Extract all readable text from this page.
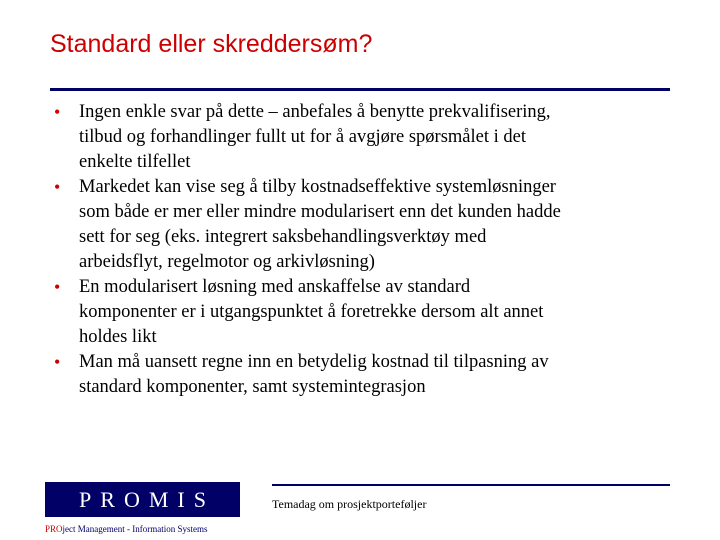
Standard eller skreddersøm?
• Ingen enkle svar på dette – anbefales å benytte prekvalifisering,
tilbud og forhandlinger fullt ut for å avgjøre spørsmålet i det
enkelte tilfellet
• Markedet kan vise seg å tilby kostnadseffektive systemløsninger
som både er mer eller mindre modularisert enn det kunden hadde
sett for seg (eks. integrert saksbehandlingsverktøy med
arbeidsflyt, regelmotor og arkivløsning)
• En modularisert løsning med anskaffelse av standard
komponenter er i utgangspunktet å foretrekke dersom alt annet
holdes likt
• Man må uansett regne inn en betydelig kostnad til tilpasning av
standard komponenter, samt systemintegrasjon
PROMIS
PROject Management - Information Systems
Temadag om prosjektporteføljer
